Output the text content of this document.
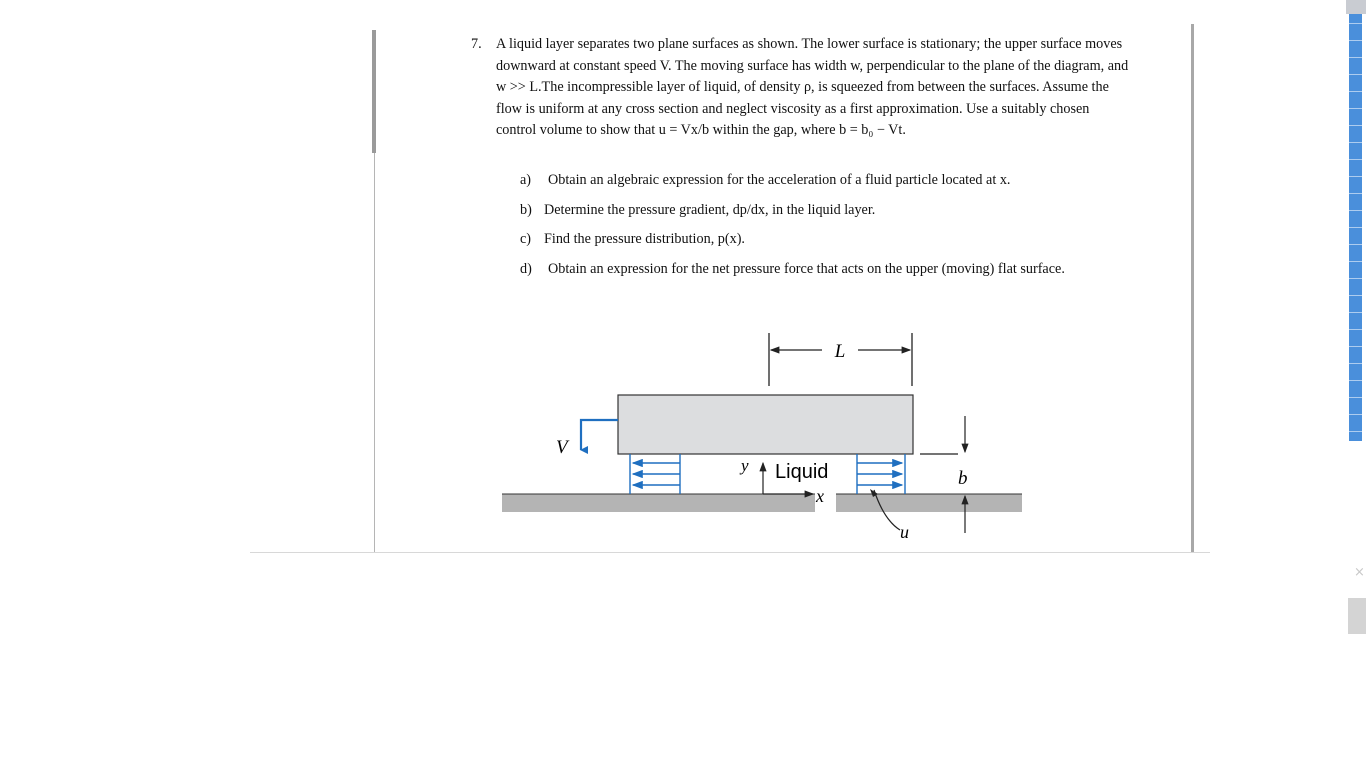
×
7. A liquid layer separates two plane surfaces as shown. The lower surface is stationary; the upper surface moves downward at constant speed V. The moving surface has width w, perpendicular to the plane of the diagram, and w >> L.The incompressible layer of liquid, of density ρ, is squeezed from between the surfaces. Assume the flow is uniform at any cross section and neglect viscosity as a first approximation. Use a suitably chosen control volume to show that u = Vx/b within the gap, where b = b₀ − Vt.
a) Obtain an algebraic expression for the acceleration of a fluid particle located at x.
b) Determine the pressure gradient, dp/dx, in the liquid layer.
c) Find the pressure distribution, p(x).
d) Obtain an expression for the net pressure force that acts on the upper (moving) flat surface.
L
V
y Liquid
x
b
u
